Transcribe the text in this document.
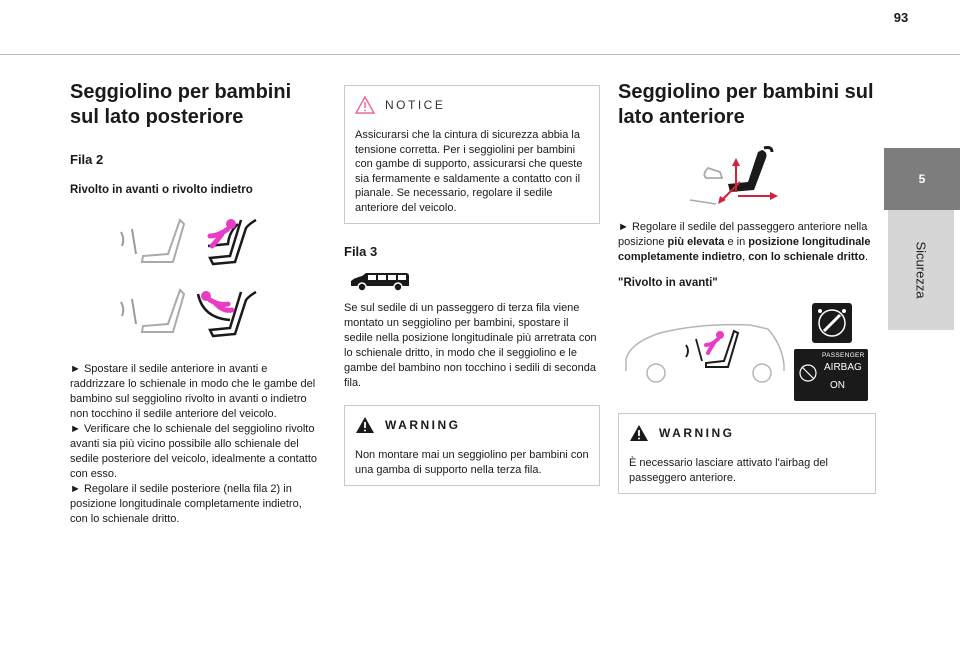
93
5
Sicurezza
Seggiolino per bambini sul lato posteriore
Fila 2
Rivolto in avanti o rivolto indietro

► Spostare il sedile anteriore in avanti e raddrizzare lo schienale in modo che le gambe del bambino sul seggiolino rivolto in avanti o indietro non tocchino il sedile anteriore del veicolo.

► Verificare che lo schienale del seggiolino rivolto avanti sia più vicino possibile allo schienale del sedile posteriore del veicolo, idealmente a contatto con esso.

► Regolare il sedile posteriore (nella fila 2) in posizione longitudinale completamente indietro, con lo schienale dritto.

NOTICE
Assicurarsi che la cintura di sicurezza abbia la tensione corretta. Per i seggiolini per bambini con gambe di supporto, assicurarsi che queste sia fermamente e saldamente a contatto con il pianale. Se necessario, regolare il sedile anteriore del veicolo.
Fila 3

Se sul sedile di un passeggero di terza fila viene montato un seggiolino per bambini, spostare il sedile nella posizione longitudinale più arretrata con lo schienale dritto, in modo che il seggiolino e le gambe del bambino non tocchino i sedili di seconda fila.

WARNING
Non montare mai un seggiolino per bambini con una gamba di supporto nella terza fila.
Seggiolino per bambini sul lato anteriore

► Regolare il sedile del passeggero anteriore nella posizione più elevata e in posizione longitudinale completamente indietro, con lo schienale dritto.

"Rivolto in avanti"
PASSENGER
AIRBAG
ON
WARNING
È necessario lasciare attivato l'airbag del passeggero anteriore.
